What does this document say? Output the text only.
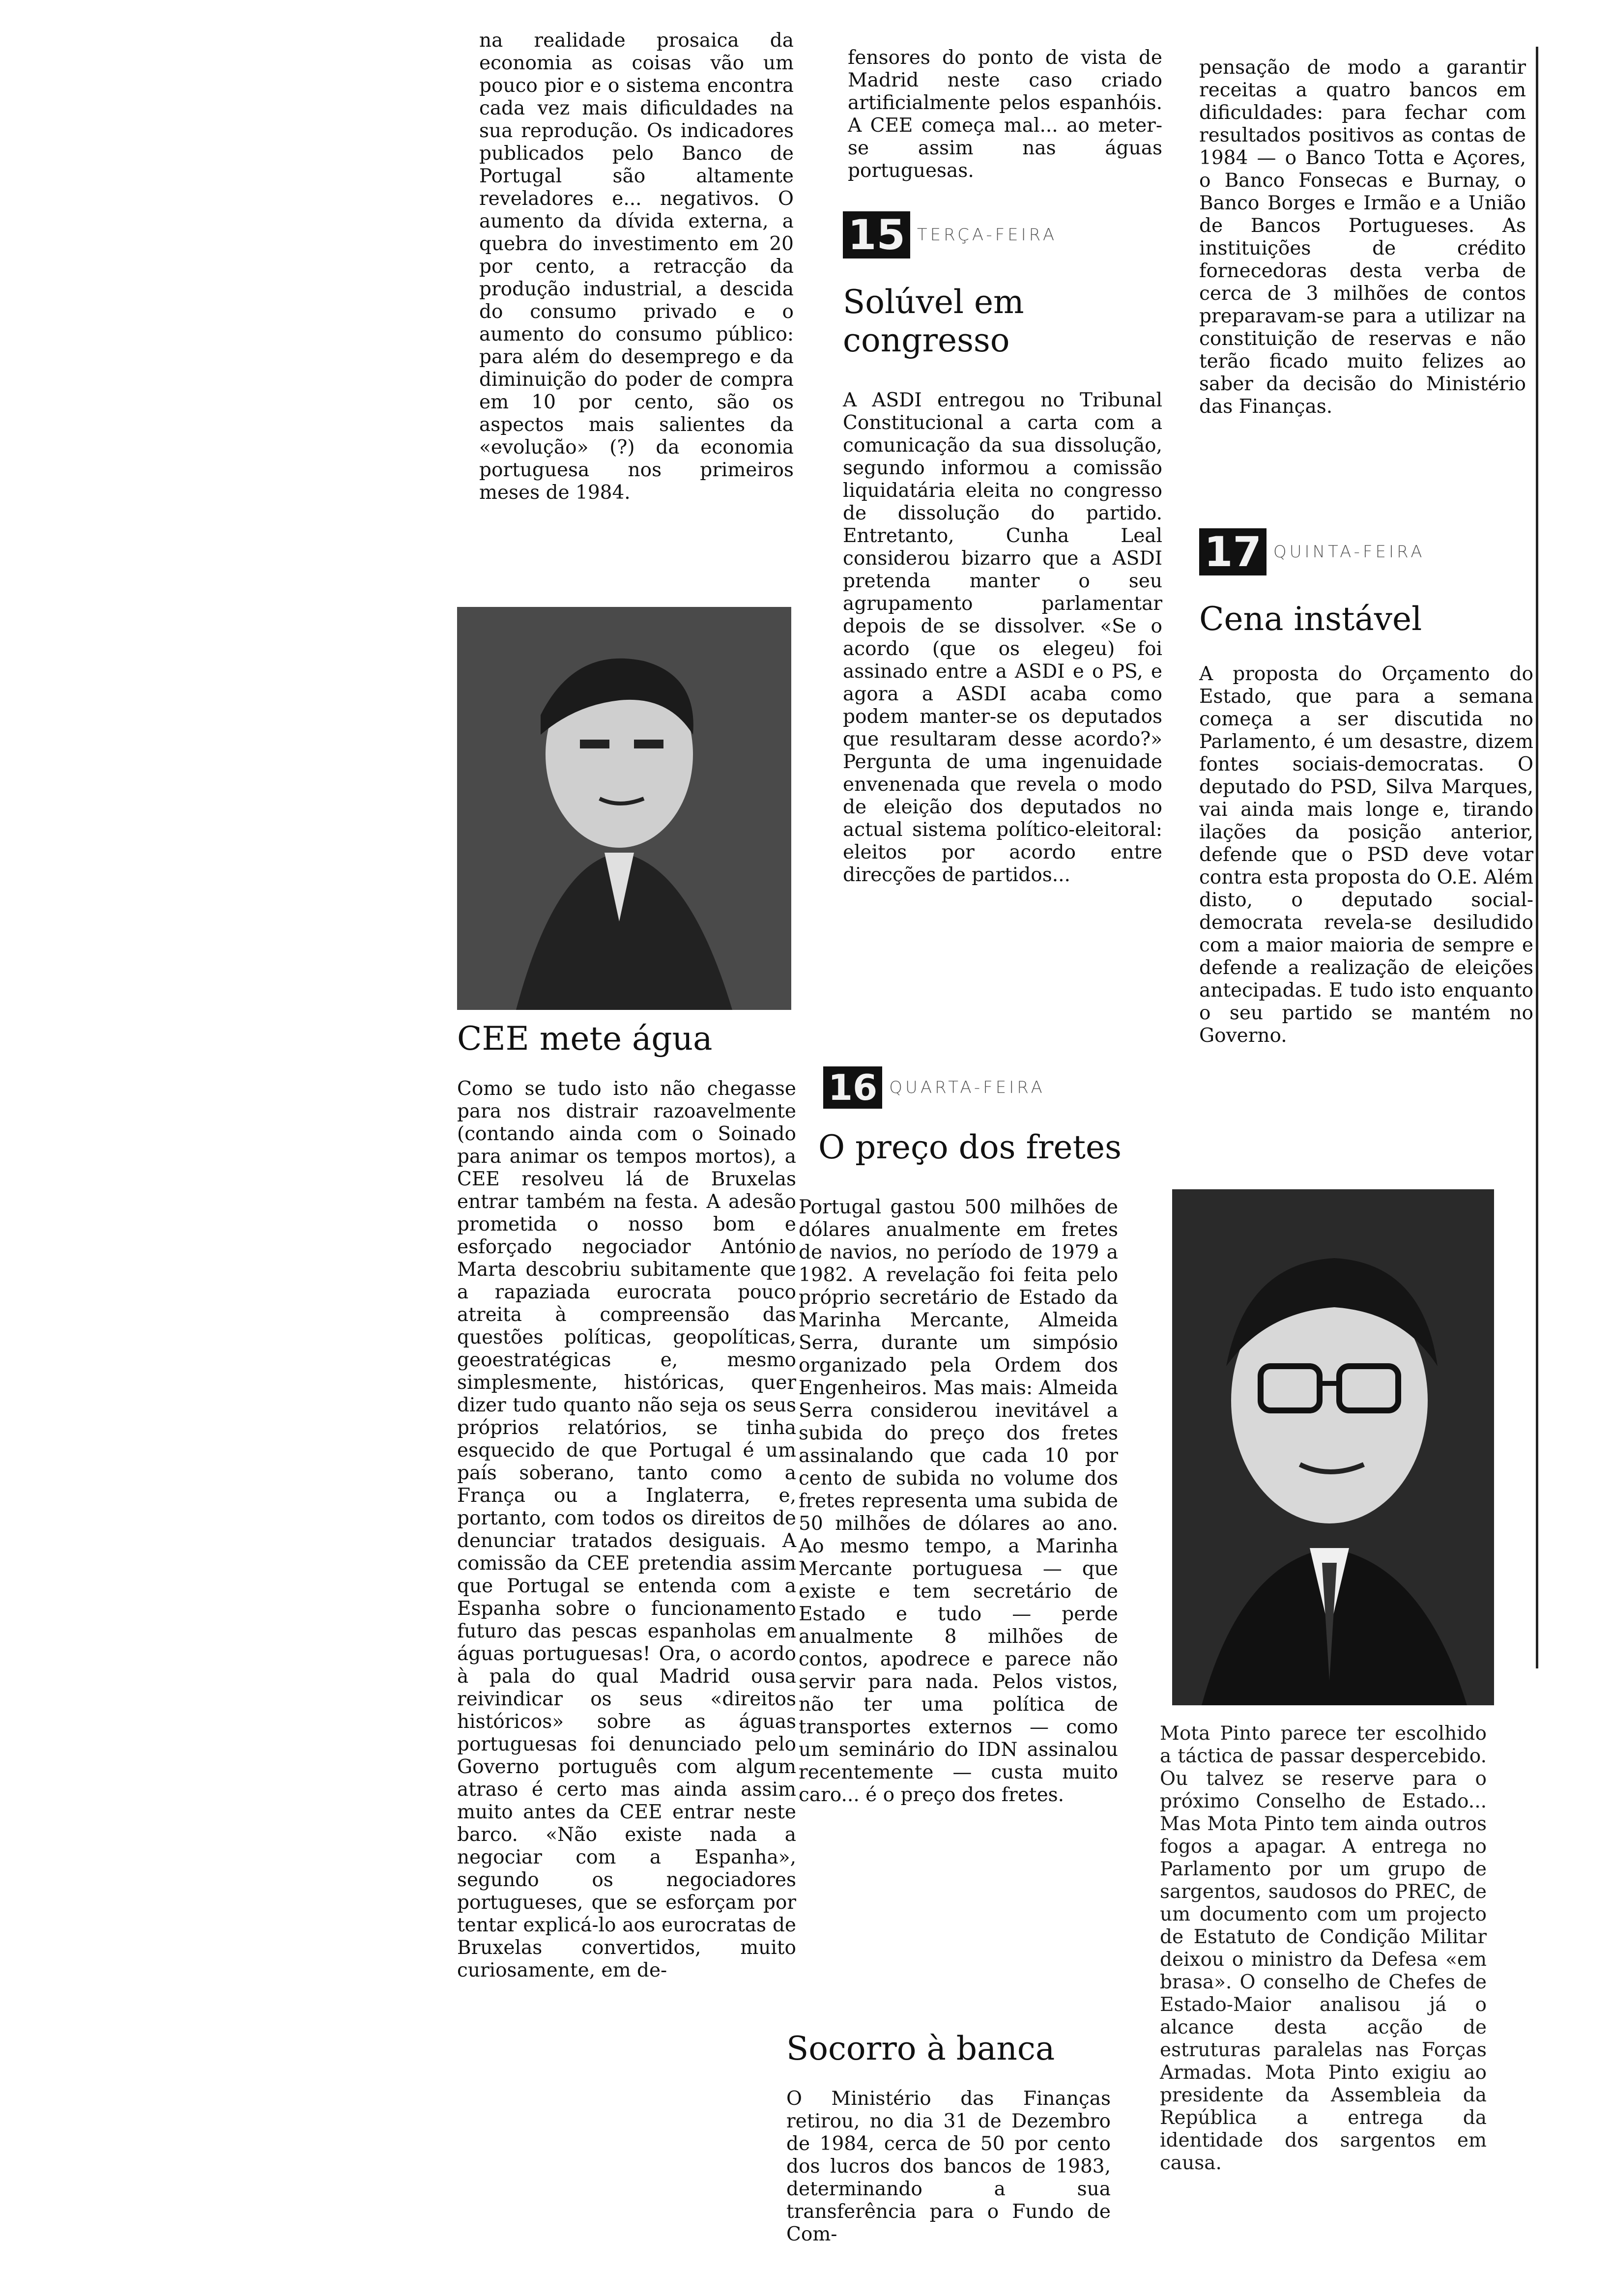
na realidade prosaica da economia as coisas vão um pouco pior e o sistema encontra cada vez mais dificuldades na sua reprodução. Os indicadores publicados pelo Banco de Portugal são altamente reveladores e... negativos. O aumento da dívida externa, a quebra do investimento em 20 por cento, a retracção da produção industrial, a descida do consumo privado e o aumento do consumo público: para além do desemprego e da diminuição do poder de compra em 10 por cento, são os aspectos mais salientes da «evolução» (?) da economia portuguesa nos primeiros meses de 1984.

CEE mete água

Como se tudo isto não chegasse para nos distrair razoavelmente (contando ainda com o Soinado para animar os tempos mortos), a CEE resolveu lá de Bruxelas entrar também na festa. A adesão prometida o nosso bom e esforçado negociador António Marta descobriu subitamente que a rapaziada eurocrata pouco atreita à compreensão das questões políticas, geopolíticas, geoestratégicas e, mesmo simplesmente, históricas, quer dizer tudo quanto não seja os seus próprios relatórios, se tinha esquecido de que Portugal é um país soberano, tanto como a França ou a Inglaterra, e, portanto, com todos os direitos de denunciar tratados desiguais. A comissão da CEE pretendia assim que Portugal se entenda com a Espanha sobre o funcionamento futuro das pescas espanholas em águas portuguesas! Ora, o acordo à pala do qual Madrid ousa reivindicar os seus «direitos históricos» sobre as águas portuguesas foi denunciado pelo Governo português com algum atraso é certo mas ainda assim muito antes da CEE entrar neste barco. «Não existe nada a negociar com a Espanha», segundo os negociadores portugueses, que se esforçam por tentar explicá-lo aos eurocratas de Bruxelas convertidos, muito curiosamente, em de-

fensores do ponto de vista de Madrid neste caso criado artificialmente pelos espanhóis. A CEE começa mal... ao meter-se assim nas águas portuguesas.

15 TERÇA-FEIRA
Solúvel em congresso

A ASDI entregou no Tribunal Constitucional a carta com a comunicação da sua dissolução, segundo informou a comissão liquidatária eleita no congresso de dissolução do partido. Entretanto, Cunha Leal considerou bizarro que a ASDI pretenda manter o seu agrupamento parlamentar depois de se dissolver. «Se o acordo (que os elegeu) foi assinado entre a ASDI e o PS, e agora a ASDI acaba como podem manter-se os deputados que resultaram desse acordo?» Pergunta de uma ingenuidade envenenada que revela o modo de eleição dos deputados no actual sistema político-eleitoral: eleitos por acordo entre direcções de partidos...

16 QUARTA-FEIRA
O preço dos fretes

Portugal gastou 500 milhões de dólares anualmente em fretes de navios, no período de 1979 a 1982. A revelação foi feita pelo próprio secretário de Estado da Marinha Mercante, Almeida Serra, durante um simpósio organizado pela Ordem dos Engenheiros. Mas mais: Almeida Serra considerou inevitável a subida do preço dos fretes assinalando que cada 10 por cento de subida no volume dos fretes representa uma subida de 50 milhões de dólares ao ano. Ao mesmo tempo, a Marinha Mercante portuguesa — que existe e tem secretário de Estado e tudo — perde anualmente 8 milhões de contos, apodrece e parece não servir para nada. Pelos vistos, não ter uma política de transportes externos — como um seminário do IDN assinalou recentemente — custa muito caro... é o preço dos fretes.

Socorro à banca

O Ministério das Finanças retirou, no dia 31 de Dezembro de 1984, cerca de 50 por cento dos lucros dos bancos de 1983, determinando a sua transferência para o Fundo de Com-

pensação de modo a garantir receitas a quatro bancos em dificuldades: para fechar com resultados positivos as contas de 1984 — o Banco Totta e Açores, o Banco Fonsecas e Burnay, o Banco Borges e Irmão e a União de Bancos Portugueses. As instituições de crédito fornecedoras desta verba de cerca de 3 milhões de contos preparavam-se para a utilizar na constituição de reservas e não terão ficado muito felizes ao saber da decisão do Ministério das Finanças.

17 QUINTA-FEIRA
Cena instável

A proposta do Orçamento do Estado, que para a semana começa a ser discutida no Parlamento, é um desastre, dizem fontes sociais-democratas. O deputado do PSD, Silva Marques, vai ainda mais longe e, tirando ilações da posição anterior, defende que o PSD deve votar contra esta proposta do O.E. Além disto, o deputado social-democrata revela-se desiludido com a maior maioria de sempre e defende a realização de eleições antecipadas. E tudo isto enquanto o seu partido se mantém no Governo.

Mota Pinto parece ter escolhido a táctica de passar despercebido. Ou talvez se reserve para o próximo Conselho de Estado... Mas Mota Pinto tem ainda outros fogos a apagar. A entrega no Parlamento por um grupo de sargentos, saudosos do PREC, de um documento com um projecto de Estatuto de Condição Militar deixou o ministro da Defesa «em brasa». O conselho de Chefes de Estado-Maior analisou já o alcance desta acção de estruturas paralelas nas Forças Armadas. Mota Pinto exigiu ao presidente da Assembleia da República a entrega da identidade dos sargentos em causa.
